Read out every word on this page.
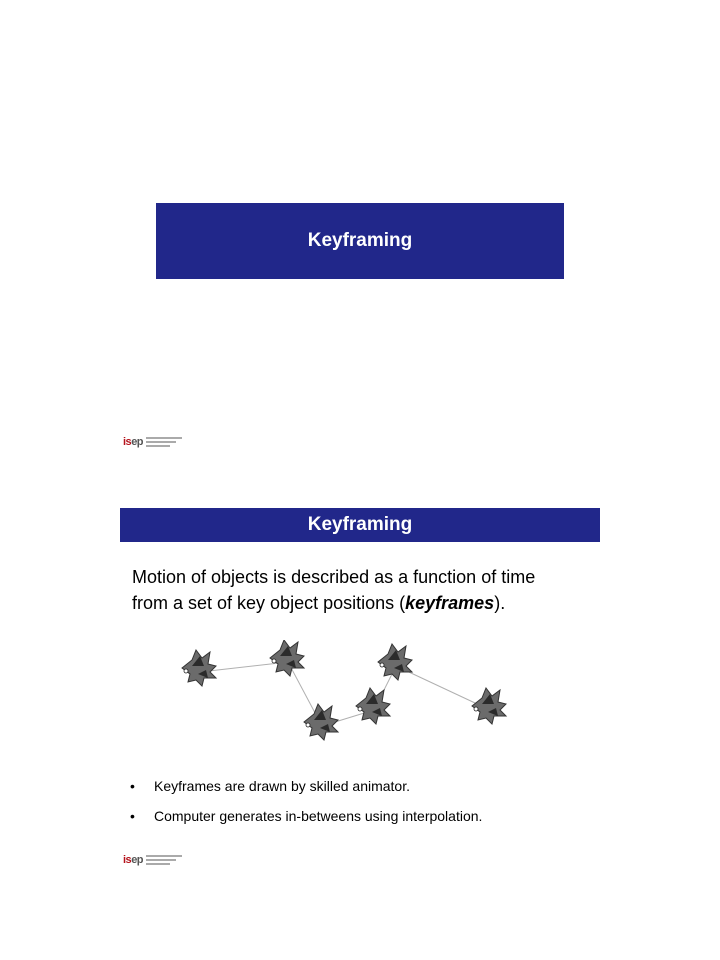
Keyframing
isep
Keyframing
Motion of objects is described as a function of time
from a set of key object positions (keyframes).
•	Keyframes are drawn by skilled animator.
•	Computer generates in-betweens using interpolation.
isep
